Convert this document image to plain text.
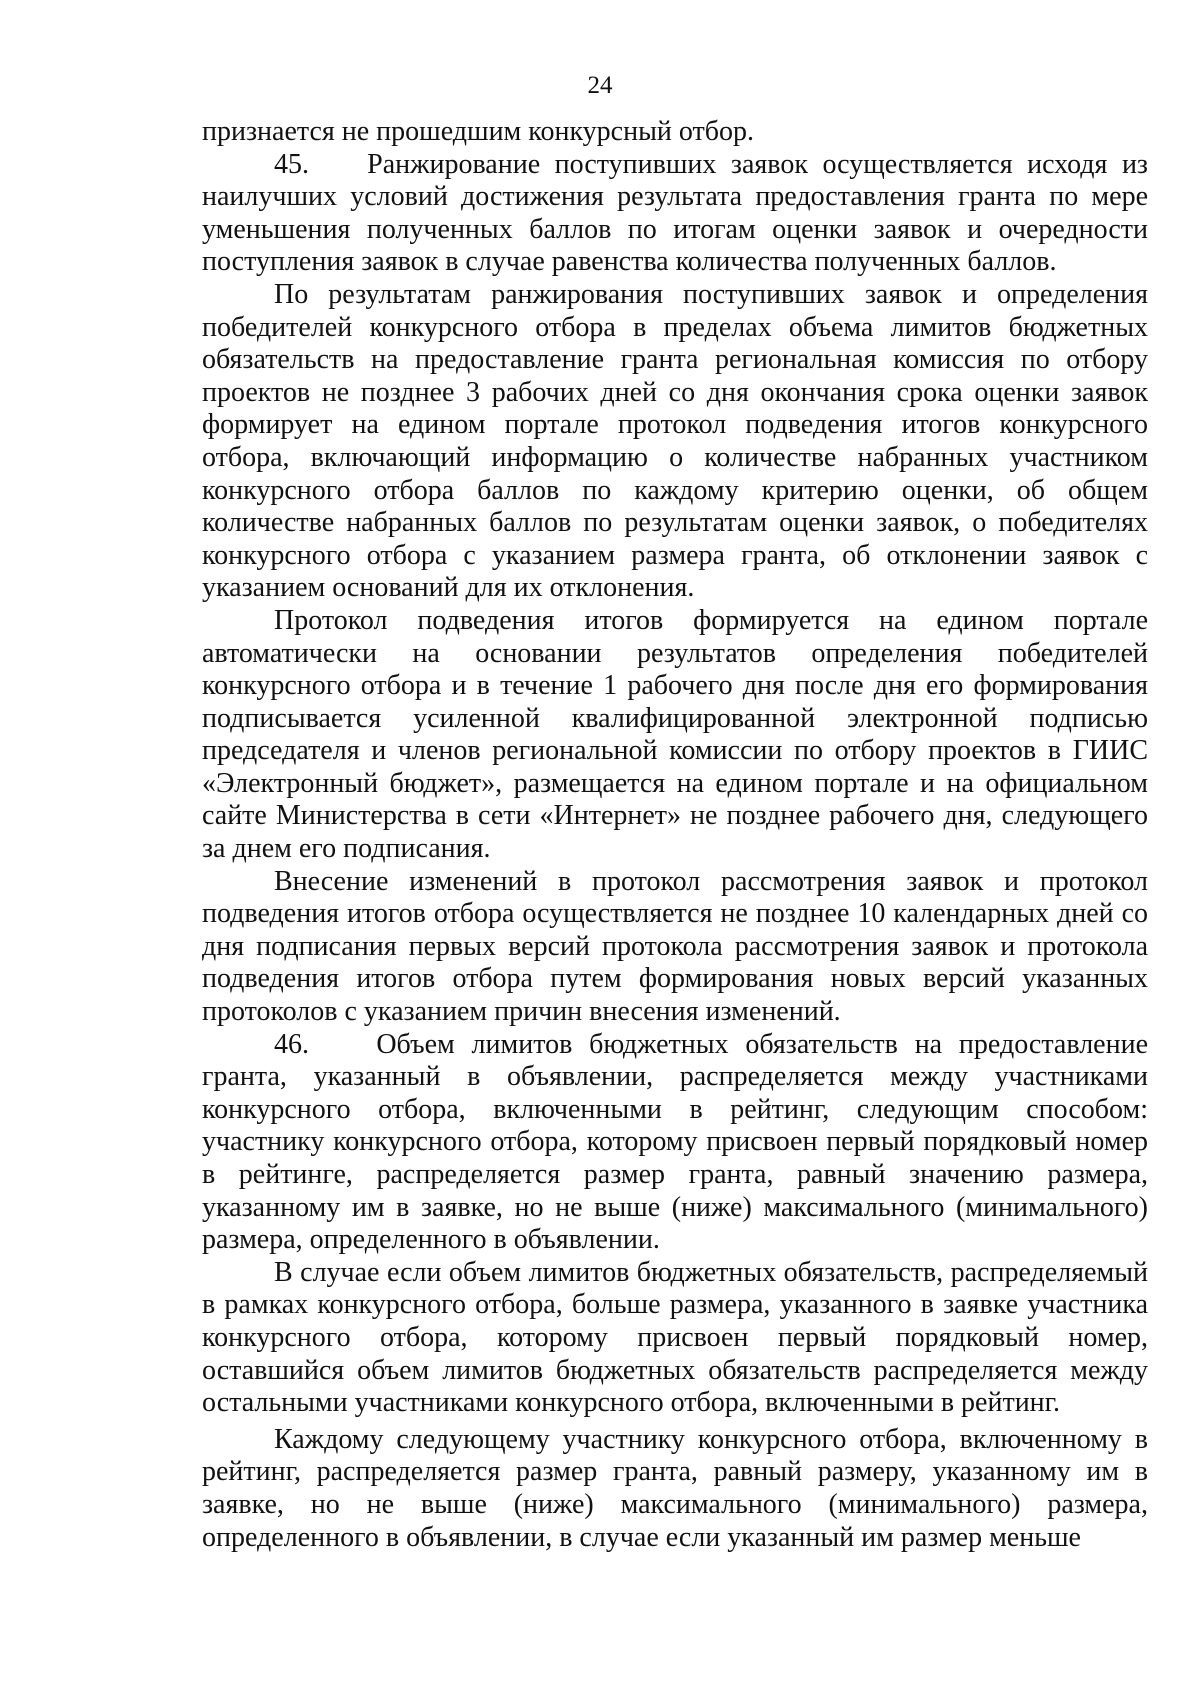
24

признается не прошедшим конкурсный отбор.

45.    Ранжирование поступивших заявок осуществляется исходя из наилучших условий достижения результата предоставления гранта по мере уменьшения полученных баллов по итогам оценки заявок и очередности поступления заявок в случае равенства количества полученных баллов.

По результатам ранжирования поступивших заявок и определения победителей конкурсного отбора в пределах объема лимитов бюджетных обязательств на предоставление гранта региональная комиссия по отбору проектов не позднее 3 рабочих дней со дня окончания срока оценки заявок формирует на едином портале протокол подведения итогов конкурсного отбора, включающий информацию о количестве набранных участником конкурсного отбора баллов по каждому критерию оценки, об общем количестве набранных баллов по результатам оценки заявок, о победителях конкурсного отбора с указанием размера гранта, об отклонении заявок с указанием оснований для их отклонения.

Протокол подведения итогов формируется на едином портале автоматически на основании результатов определения победителей конкурсного отбора и в течение 1 рабочего дня после дня его формирования подписывается усиленной квалифицированной электронной подписью председателя и членов региональной комиссии по отбору проектов в ГИИС «Электронный бюджет», размещается на едином портале и на официальном сайте Министерства в сети «Интернет» не позднее рабочего дня, следующего за днем его подписания.

Внесение изменений в протокол рассмотрения заявок и протокол подведения итогов отбора осуществляется не позднее 10 календарных дней со дня подписания первых версий протокола рассмотрения заявок и протокола подведения итогов отбора путем формирования новых версий указанных протоколов с указанием причин внесения изменений.

46.    Объем лимитов бюджетных обязательств на предоставление гранта, указанный в объявлении, распределяется между участниками конкурсного отбора, включенными в рейтинг, следующим способом: участнику конкурсного отбора, которому присвоен первый порядковый номер в рейтинге, распределяется размер гранта, равный значению размера, указанному им в заявке, но не выше (ниже) максимального (минимального) размера, определенного в объявлении.

В случае если объем лимитов бюджетных обязательств, распределяемый в рамках конкурсного отбора, больше размера, указанного в заявке участника конкурсного отбора, которому присвоен первый порядковый номер, оставшийся объем лимитов бюджетных обязательств распределяется между остальными участниками конкурсного отбора, включенными в рейтинг.

Каждому следующему участнику конкурсного отбора, включенному в рейтинг, распределяется размер гранта, равный размеру, указанному им в заявке, но не выше (ниже) максимального (минимального) размера, определенного в объявлении, в случае если указанный им размер меньше
